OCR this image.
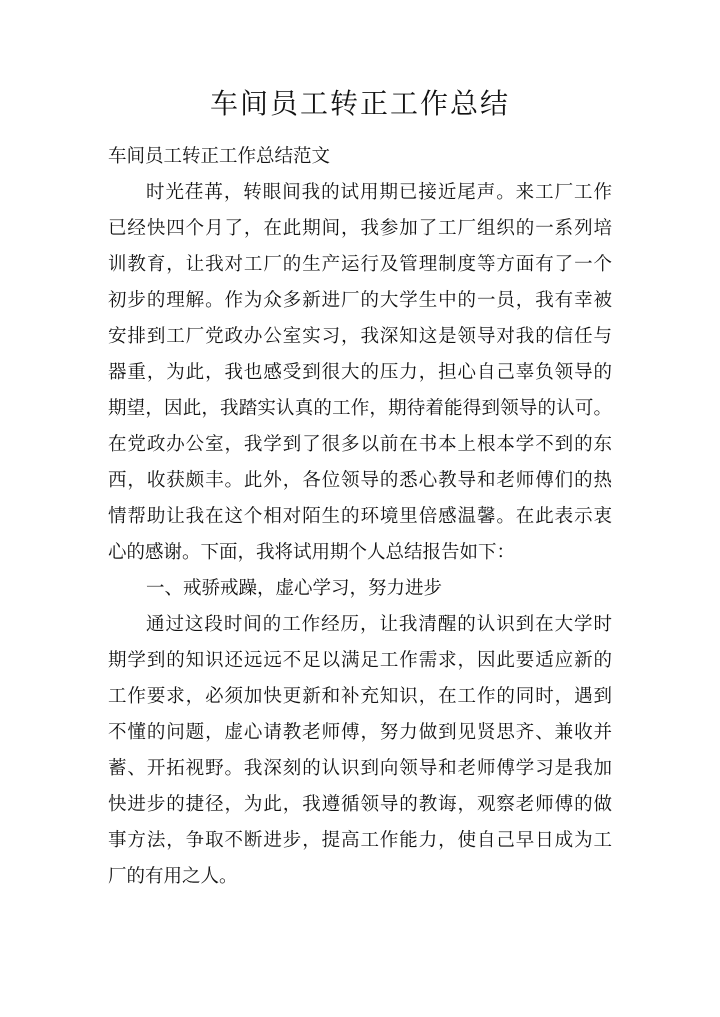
车间员工转正工作总结

车间员工转正工作总结范文

时光荏苒，转眼间我的试用期已接近尾声。来工厂工作

已经快四个月了，在此期间，我参加了工厂组织的一系列培

训教育，让我对工厂的生产运行及管理制度等方面有了一个

初步的理解。作为众多新进厂的大学生中的一员，我有幸被

安排到工厂党政办公室实习，我深知这是领导对我的信任与

器重，为此，我也感受到很大的压力，担心自己辜负领导的

期望，因此，我踏实认真的工作，期待着能得到领导的认可。

在党政办公室，我学到了很多以前在书本上根本学不到的东

西，收获颇丰。此外，各位领导的悉心教导和老师傅们的热

情帮助让我在这个相对陌生的环境里倍感温馨。在此表示衷

心的感谢。下面，我将试用期个人总结报告如下：

一、戒骄戒躁，虚心学习，努力进步

通过这段时间的工作经历，让我清醒的认识到在大学时

期学到的知识还远远不足以满足工作需求，因此要适应新的

工作要求，必须加快更新和补充知识，在工作的同时，遇到

不懂的问题，虚心请教老师傅，努力做到见贤思齐、兼收并

蓄、开拓视野。我深刻的认识到向领导和老师傅学习是我加

快进步的捷径，为此，我遵循领导的教诲，观察老师傅的做

事方法，争取不断进步，提高工作能力，使自己早日成为工

厂的有用之人。
